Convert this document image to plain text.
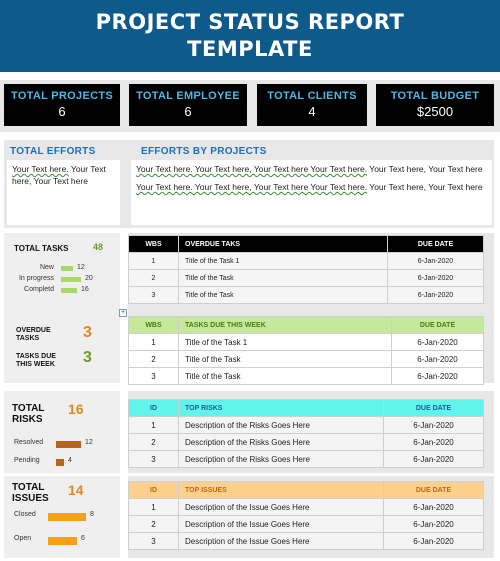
PROJECT STATUS REPORT
TEMPLATE
TOTAL PROJECTS
6
TOTAL EMPLOYEE
6
TOTAL CLIENTS
4
TOTAL BUDGET
$2500
TOTAL EFFORTS
Your Text here. Your Text here, Your Text here
EFFORTS BY PROJECTS
Your Text here. Your Text here, Your Text here Your Text here. Your Text here, Your Text here
Your Text here. Your Text here, Your Text here Your Text here. Your Text here, Your Text here
TOTAL TASKS	48
New	12
In progress	20
Completd	16
OVERDUE
TASKS	3
TASKS DUE
THIS WEEK 3
WBS	OVERDUE TAKS	DUE DATE
1	Title of the Task 1	6-Jan-2020
2	Title of the Task	6-Jan-2020
3	Title of the Task	6-Jan-2020
+
WBS	TASKS DUE THIS WEEK	DUE DATE
1	Title of the Task 1	6-Jan-2020
2	Title of the Task	6-Jan-2020
3	Title of the Task	6-Jan-2020
TOTAL
RISKS
16
Resolved	12
Pending	4
ID	TOP RISKS	DUE DATE
1	Description of the Risks Goes Here	6-Jan-2020
2	Description of the Risks Goes Here	6-Jan-2020
3	Description of the Risks Goes Here	6-Jan-2020
TOTAL
ISSUES
14
Closed	8
Open	6
ID	TOP ISSUES	DUE DATE
1	Description of the Issue Goes Here	6-Jan-2020
2	Description of the Issue Goes Here	6-Jan-2020
3	Description of the Issue Goes Here	6-Jan-2020
